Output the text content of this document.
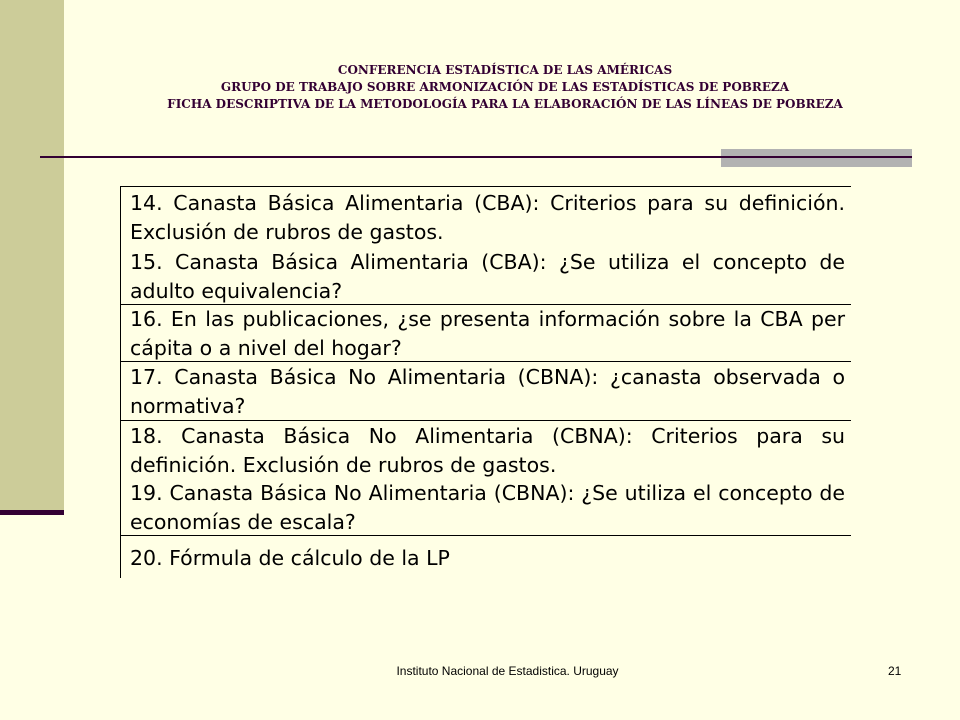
CONFERENCIA ESTADÍSTICA DE LAS AMÉRICAS
GRUPO DE TRABAJO SOBRE ARMONIZACIÓN DE LAS ESTADÍSTICAS DE POBREZA
FICHA DESCRIPTIVA DE LA METODOLOGÍA PARA LA ELABORACIÓN DE LAS LÍNEAS DE POBREZA
14. Canasta Básica Alimentaria (CBA): Criterios para su definición. Exclusión de rubros de gastos.
15. Canasta Básica Alimentaria (CBA): ¿Se utiliza el concepto de adulto equivalencia?
16. En las publicaciones, ¿se presenta información sobre la CBA per cápita o a nivel del hogar?
17. Canasta Básica No Alimentaria (CBNA): ¿canasta observada o normativa?
18. Canasta Básica No Alimentaria (CBNA): Criterios para su definición. Exclusión de rubros de gastos.
19. Canasta Básica No Alimentaria (CBNA): ¿Se utiliza el concepto de economías de escala?
20. Fórmula de cálculo de la LP
Instituto Nacional de Estadistica. Uruguay	21
